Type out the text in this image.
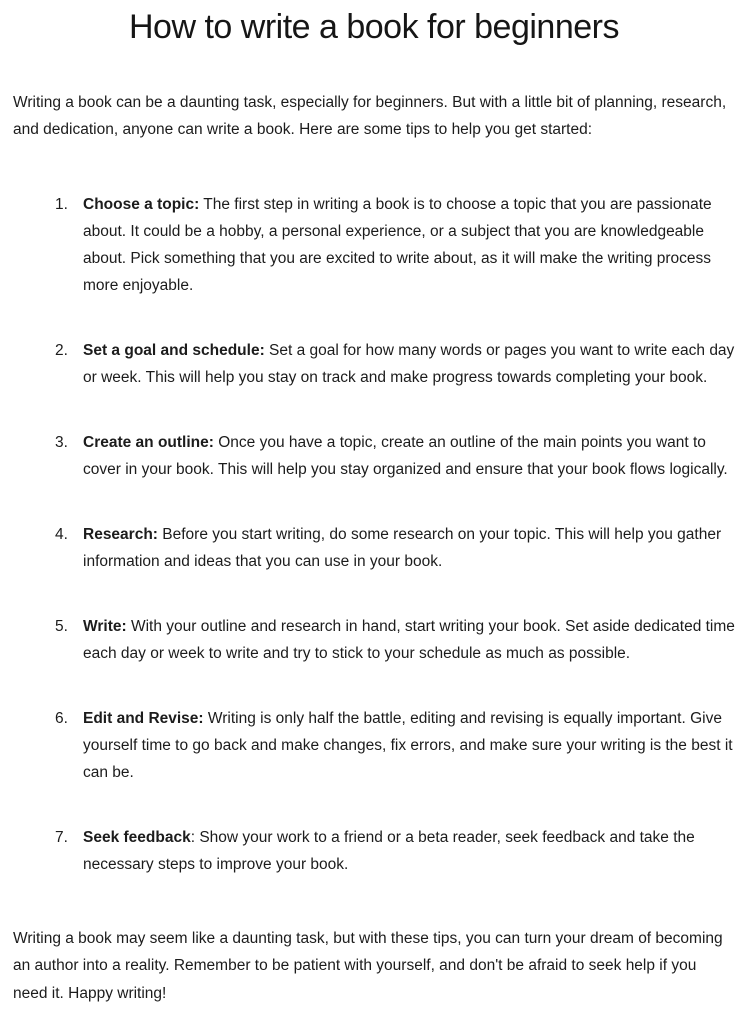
How to write a book for beginners

Writing a book can be a daunting task, especially for beginners. But with a little bit of planning, research, and dedication, anyone can write a book. Here are some tips to help you get started:

1. Choose a topic: The first step in writing a book is to choose a topic that you are passionate about. It could be a hobby, a personal experience, or a subject that you are knowledgeable about. Pick something that you are excited to write about, as it will make the writing process more enjoyable.
2. Set a goal and schedule: Set a goal for how many words or pages you want to write each day or week. This will help you stay on track and make progress towards completing your book.
3. Create an outline: Once you have a topic, create an outline of the main points you want to cover in your book. This will help you stay organized and ensure that your book flows logically.
4. Research: Before you start writing, do some research on your topic. This will help you gather information and ideas that you can use in your book.
5. Write: With your outline and research in hand, start writing your book. Set aside dedicated time each day or week to write and try to stick to your schedule as much as possible.
6. Edit and Revise: Writing is only half the battle, editing and revising is equally important. Give yourself time to go back and make changes, fix errors, and make sure your writing is the best it can be.
7. Seek feedback: Show your work to a friend or a beta reader, seek feedback and take the necessary steps to improve your book.

Writing a book may seem like a daunting task, but with these tips, you can turn your dream of becoming an author into a reality. Remember to be patient with yourself, and don't be afraid to seek help if you need it. Happy writing!
